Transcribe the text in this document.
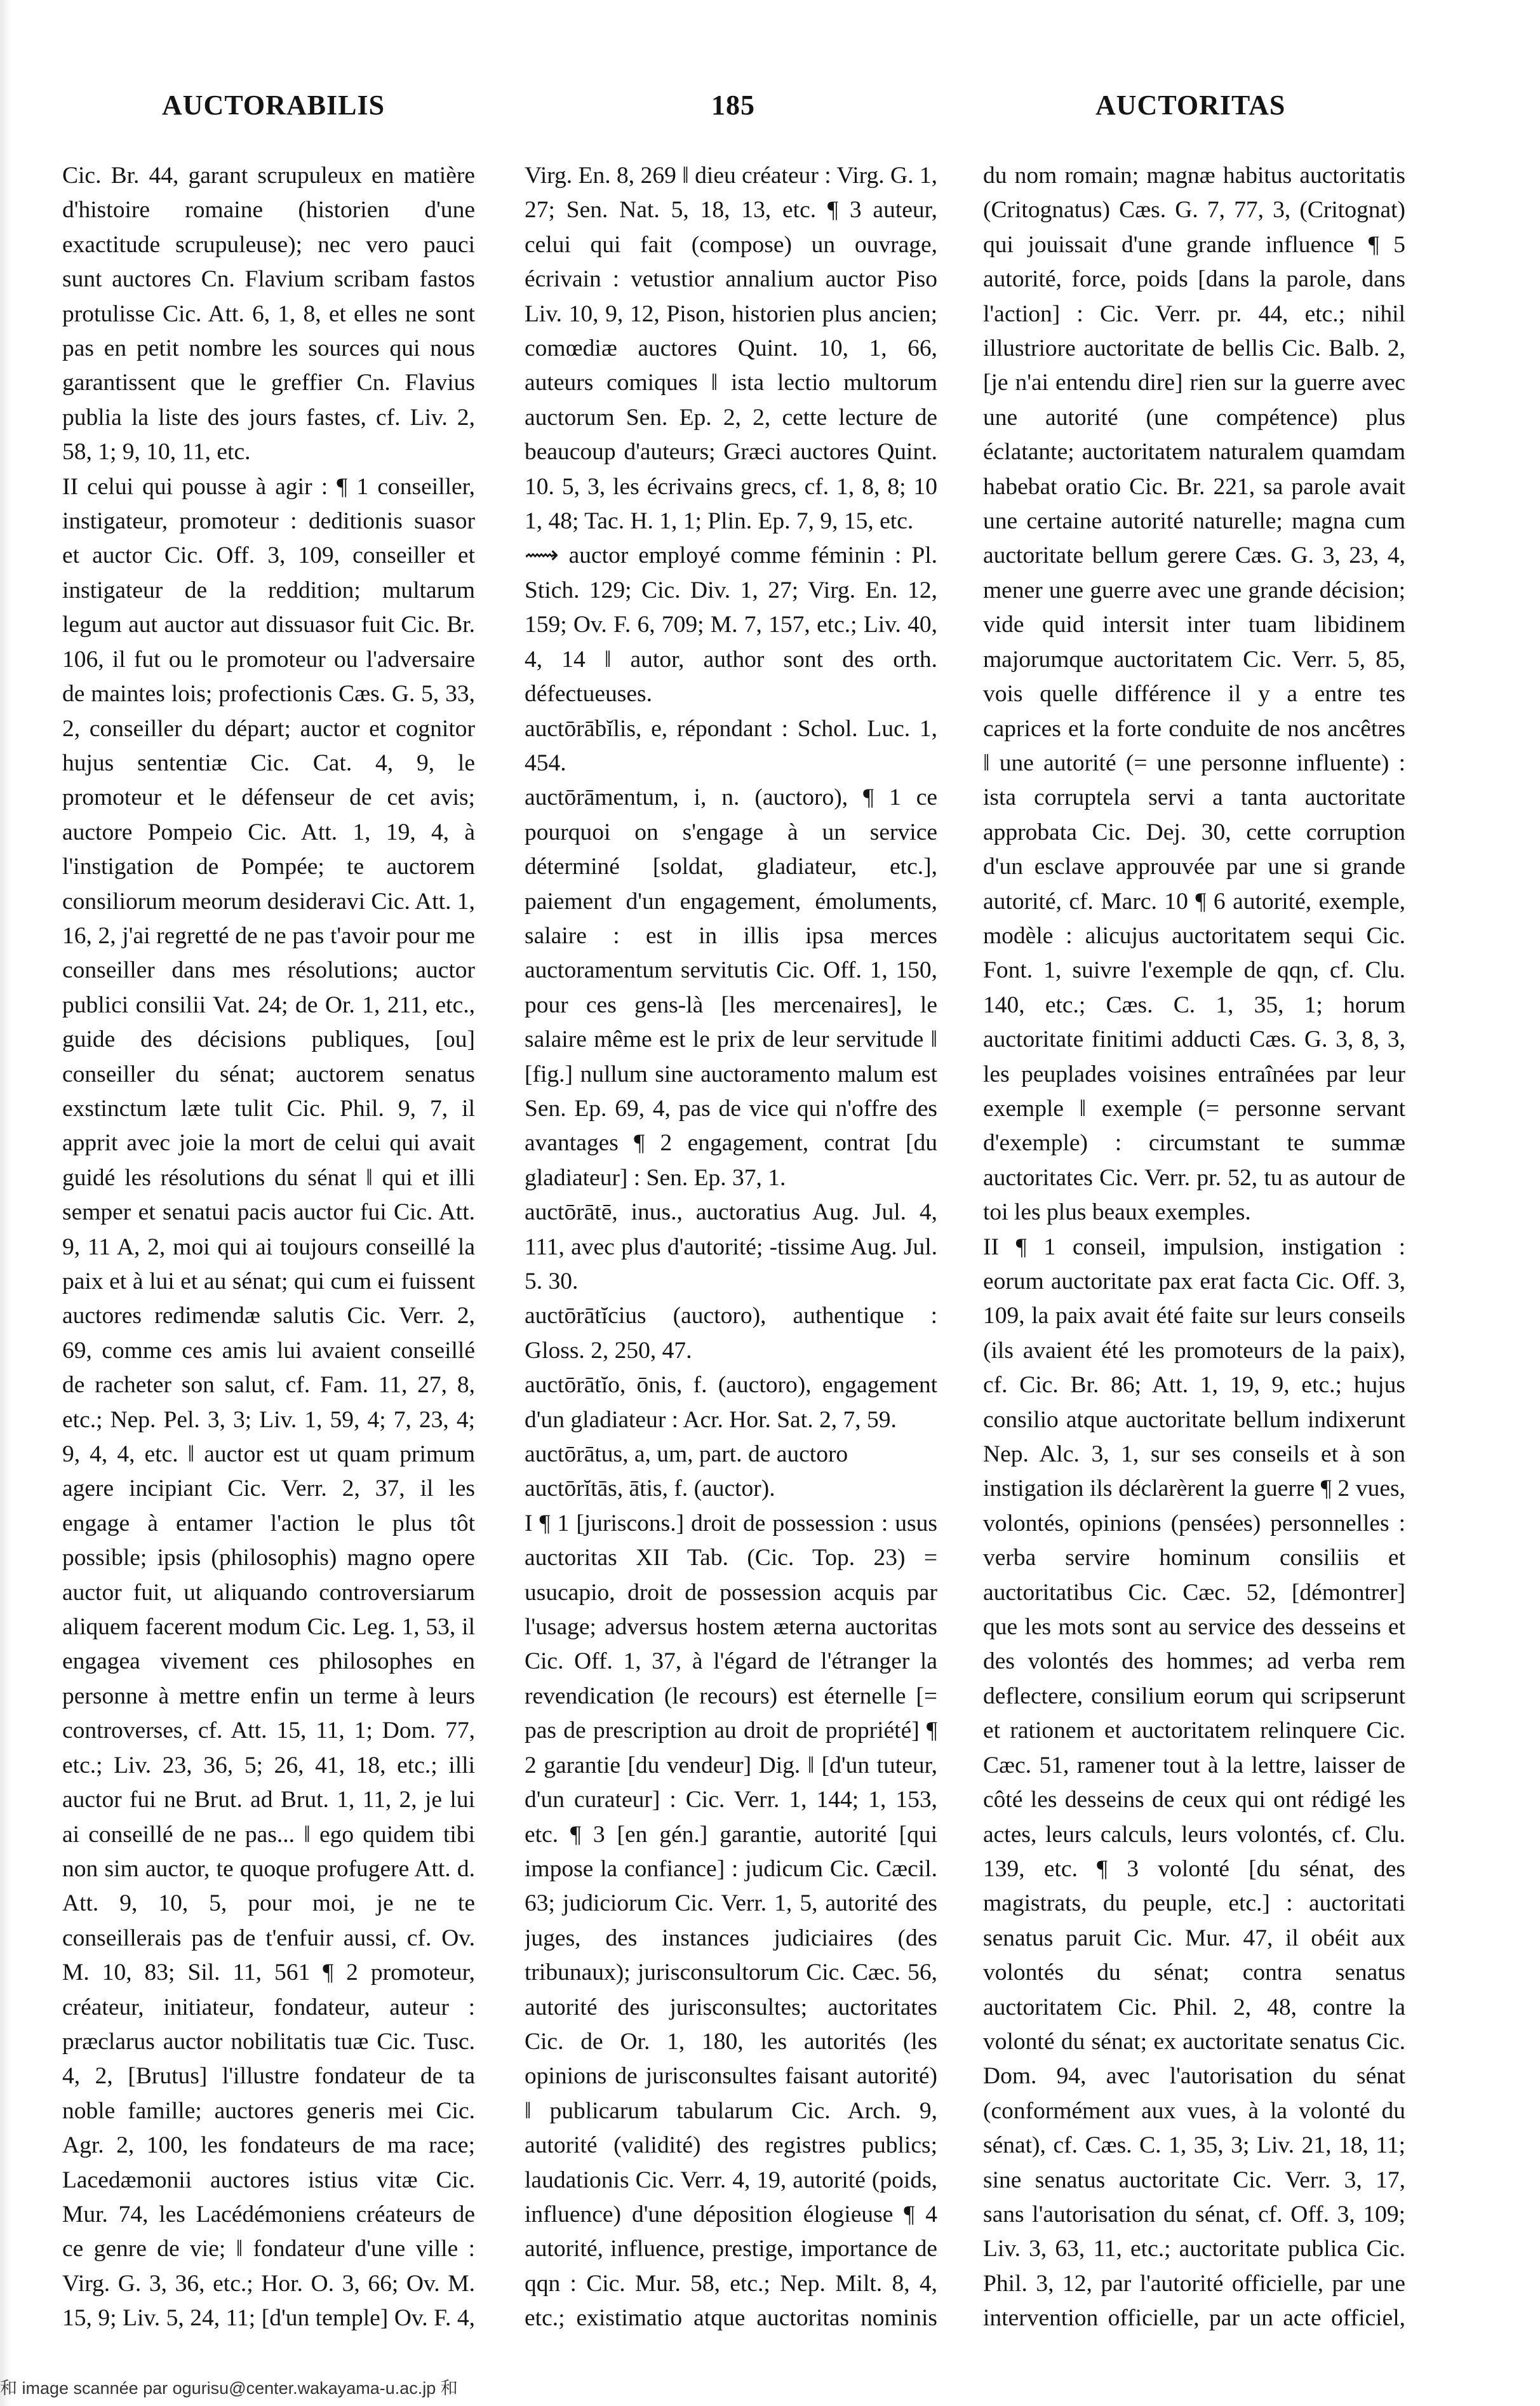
AUCTORABILIS	185	AUCTORITAS

Cic. Br. 44, garant scrupuleux en matière d'histoire romaine (historien d'une exactitude scrupuleuse); nec vero pauci sunt auctores Cn. Flavium scribam fastos protulisse Cic. Att. 6, 1, 8, et elles ne sont pas en petit nombre les sources qui nous garantissent que le greffier Cn. Flavius publia la liste des jours fastes, cf. Liv. 2, 58, 1; 9, 10, 11, etc.

II celui qui pousse à agir : ¶ 1 conseiller, instigateur, promoteur : deditionis suasor et auctor Cic. Off. 3, 109, conseiller et instigateur de la reddition; multarum legum aut auctor aut dissuasor fuit Cic. Br. 106, il fut ou le promoteur ou l'adversaire de maintes lois; profectionis Cæs. G. 5, 33, 2, conseiller du départ; auctor et cognitor hujus sententiæ Cic. Cat. 4, 9, le promoteur et le défenseur de cet avis; auctore Pompeio Cic. Att. 1, 19, 4, à l'instigation de Pompée; te auctorem consiliorum meorum desideravi Cic. Att. 1, 16, 2, j'ai regretté de ne pas t'avoir pour me conseiller dans mes résolutions; auctor publici consilii Vat. 24; de Or. 1, 211, etc., guide des décisions publiques, [ou] conseiller du sénat; auctorem senatus exstinctum læte tulit Cic. Phil. 9, 7, il apprit avec joie la mort de celui qui avait guidé les résolutions du sénat ‖ qui et illi semper et senatui pacis auctor fui Cic. Att. 9, 11 A, 2, moi qui ai toujours conseillé la paix et à lui et au sénat; qui cum ei fuissent auctores redimendæ salutis Cic. Verr. 2, 69, comme ces amis lui avaient conseillé de racheter son salut, cf. Fam. 11, 27, 8, etc.; Nep. Pel. 3, 3; Liv. 1, 59, 4; 7, 23, 4; 9, 4, 4, etc. ‖ auctor est ut quam primum agere incipiant Cic. Verr. 2, 37, il les engage à entamer l'action le plus tôt possible; ipsis (philosophis) magno opere auctor fuit, ut aliquando controversiarum aliquem facerent modum Cic. Leg. 1, 53, il engagea vivement ces philosophes en personne à mettre enfin un terme à leurs controverses, cf. Att. 15, 11, 1; Dom. 77, etc.; Liv. 23, 36, 5; 26, 41, 18, etc.; illi auctor fui ne Brut. ad Brut. 1, 11, 2, je lui ai conseillé de ne pas... ‖ ego quidem tibi non sim auctor, te quoque profugere Att. d. Att. 9, 10, 5, pour moi, je ne te conseillerais pas de t'enfuir aussi, cf. Ov. M. 10, 83; Sil. 11, 561 ¶ 2 promoteur, créateur, initiateur, fondateur, auteur : præclarus auctor nobilitatis tuæ Cic. Tusc. 4, 2, [Brutus] l'illustre fondateur de ta noble famille; auctores generis mei Cic. Agr. 2, 100, les fondateurs de ma race; Lacedæmonii auctores istius vitæ Cic. Mur. 74, les Lacédémoniens créateurs de ce genre de vie; ‖ fondateur d'une ville : Virg. G. 3, 36, etc.; Hor. O. 3, 66; Ov. M. 15, 9; Liv. 5, 24, 11; [d'un temple] Ov. F. 4,

Virg. En. 8, 269 ‖ dieu créateur : Virg. G. 1, 27; Sen. Nat. 5, 18, 13, etc. ¶ 3 auteur, celui qui fait (compose) un ouvrage, écrivain : vetustior annalium auctor Piso Liv. 10, 9, 12, Pison, historien plus ancien; comœdiæ auctores Quint. 10, 1, 66, auteurs comiques ‖ ista lectio multorum auctorum Sen. Ep. 2, 2, cette lecture de beaucoup d'auteurs; Græci auctores Quint. 10. 5, 3, les écrivains grecs, cf. 1, 8, 8; 10 1, 48; Tac. H. 1, 1; Plin. Ep. 7, 9, 15, etc.

⟿ auctor employé comme féminin : Pl. Stich. 129; Cic. Div. 1, 27; Virg. En. 12, 159; Ov. F. 6, 709; M. 7, 157, etc.; Liv. 40, 4, 14 ‖ autor, author sont des orth. défectueuses.

auctōrābĭlis, e, répondant : Schol. Luc. 1, 454.

auctōrāmentum, i, n. (auctoro), ¶ 1 ce pourquoi on s'engage à un service déterminé [soldat, gladiateur, etc.], paiement d'un engagement, émoluments, salaire : est in illis ipsa merces auctoramentum servitutis Cic. Off. 1, 150, pour ces gens-là [les mercenaires], le salaire même est le prix de leur servitude ‖ [fig.] nullum sine auctoramento malum est Sen. Ep. 69, 4, pas de vice qui n'offre des avantages ¶ 2 engagement, contrat [du gladiateur] : Sen. Ep. 37, 1.

auctōrātē, inus., auctoratius Aug. Jul. 4, 111, avec plus d'autorité; -tissime Aug. Jul. 5. 30.

auctōrātĭcius (auctoro), authentique : Gloss. 2, 250, 47.

auctōrātĭo, ōnis, f. (auctoro), engagement d'un gladiateur : Acr. Hor. Sat. 2, 7, 59.

auctōrātus, a, um, part. de auctoro

auctōrĭtās, ātis, f. (auctor).

I ¶ 1 [juriscons.] droit de possession : usus auctoritas XII Tab. (Cic. Top. 23) = usucapio, droit de possession acquis par l'usage; adversus hostem æterna auctoritas Cic. Off. 1, 37, à l'égard de l'étranger la revendication (le recours) est éternelle [= pas de prescription au droit de propriété] ¶ 2 garantie [du vendeur] Dig. ‖ [d'un tuteur, d'un curateur] : Cic. Verr. 1, 144; 1, 153, etc. ¶ 3 [en gén.] garantie, autorité [qui impose la confiance] : judicum Cic. Cæcil. 63; judiciorum Cic. Verr. 1, 5, autorité des juges, des instances judiciaires (des tribunaux); jurisconsultorum Cic. Cæc. 56, autorité des jurisconsultes; auctoritates Cic. de Or. 1, 180, les autorités (les opinions de jurisconsultes faisant autorité) ‖ publicarum tabularum Cic. Arch. 9, autorité (validité) des registres publics; laudationis Cic. Verr. 4, 19, autorité (poids, influence) d'une déposition élogieuse ¶ 4 autorité, influence, prestige, importance de qqn : Cic. Mur. 58, etc.; Nep. Milt. 8, 4, etc.; existimatio atque auctoritas nominis

du nom romain; magnæ habitus auctoritatis (Critognatus) Cæs. G. 7, 77, 3, (Critognat) qui jouissait d'une grande influence ¶ 5 autorité, force, poids [dans la parole, dans l'action] : Cic. Verr. pr. 44, etc.; nihil illustriore auctoritate de bellis Cic. Balb. 2, [je n'ai entendu dire] rien sur la guerre avec une autorité (une compétence) plus éclatante; auctoritatem naturalem quamdam habebat oratio Cic. Br. 221, sa parole avait une certaine autorité naturelle; magna cum auctoritate bellum gerere Cæs. G. 3, 23, 4, mener une guerre avec une grande décision; vide quid intersit inter tuam libidinem majorumque auctoritatem Cic. Verr. 5, 85, vois quelle différence il y a entre tes caprices et la forte conduite de nos ancêtres ‖ une autorité (= une personne influente) : ista corruptela servi a tanta auctoritate approbata Cic. Dej. 30, cette corruption d'un esclave approuvée par une si grande autorité, cf. Marc. 10 ¶ 6 autorité, exemple, modèle : alicujus auctoritatem sequi Cic. Font. 1, suivre l'exemple de qqn, cf. Clu. 140, etc.; Cæs. C. 1, 35, 1; horum auctoritate finitimi adducti Cæs. G. 3, 8, 3, les peuplades voisines entraînées par leur exemple ‖ exemple (= personne servant d'exemple) : circumstant te summæ auctoritates Cic. Verr. pr. 52, tu as autour de toi les plus beaux exemples.

II ¶ 1 conseil, impulsion, instigation : eorum auctoritate pax erat facta Cic. Off. 3, 109, la paix avait été faite sur leurs conseils (ils avaient été les promoteurs de la paix), cf. Cic. Br. 86; Att. 1, 19, 9, etc.; hujus consilio atque auctoritate bellum indixerunt Nep. Alc. 3, 1, sur ses conseils et à son instigation ils déclarèrent la guerre ¶ 2 vues, volontés, opinions (pensées) personnelles : verba servire hominum consiliis et auctoritatibus Cic. Cæc. 52, [démontrer] que les mots sont au service des desseins et des volontés des hommes; ad verba rem deflectere, consilium eorum qui scripserunt et rationem et auctoritatem relinquere Cic. Cæc. 51, ramener tout à la lettre, laisser de côté les desseins de ceux qui ont rédigé les actes, leurs calculs, leurs volontés, cf. Clu. 139, etc. ¶ 3 volonté [du sénat, des magistrats, du peuple, etc.] : auctoritati senatus paruit Cic. Mur. 47, il obéit aux volontés du sénat; contra senatus auctoritatem Cic. Phil. 2, 48, contre la volonté du sénat; ex auctoritate senatus Cic. Dom. 94, avec l'autorisation du sénat (conformément aux vues, à la volonté du sénat), cf. Cæs. C. 1, 35, 3; Liv. 21, 18, 11; sine senatus auctoritate Cic. Verr. 3, 17, sans l'autorisation du sénat, cf. Off. 3, 109; Liv. 3, 63, 11, etc.; auctoritate publica Cic. Phil. 3, 12, par l'autorité officielle, par une intervention officielle, par un acte officiel,

和 image scannée par ogurisu@center.wakayama-u.ac.jp 和
